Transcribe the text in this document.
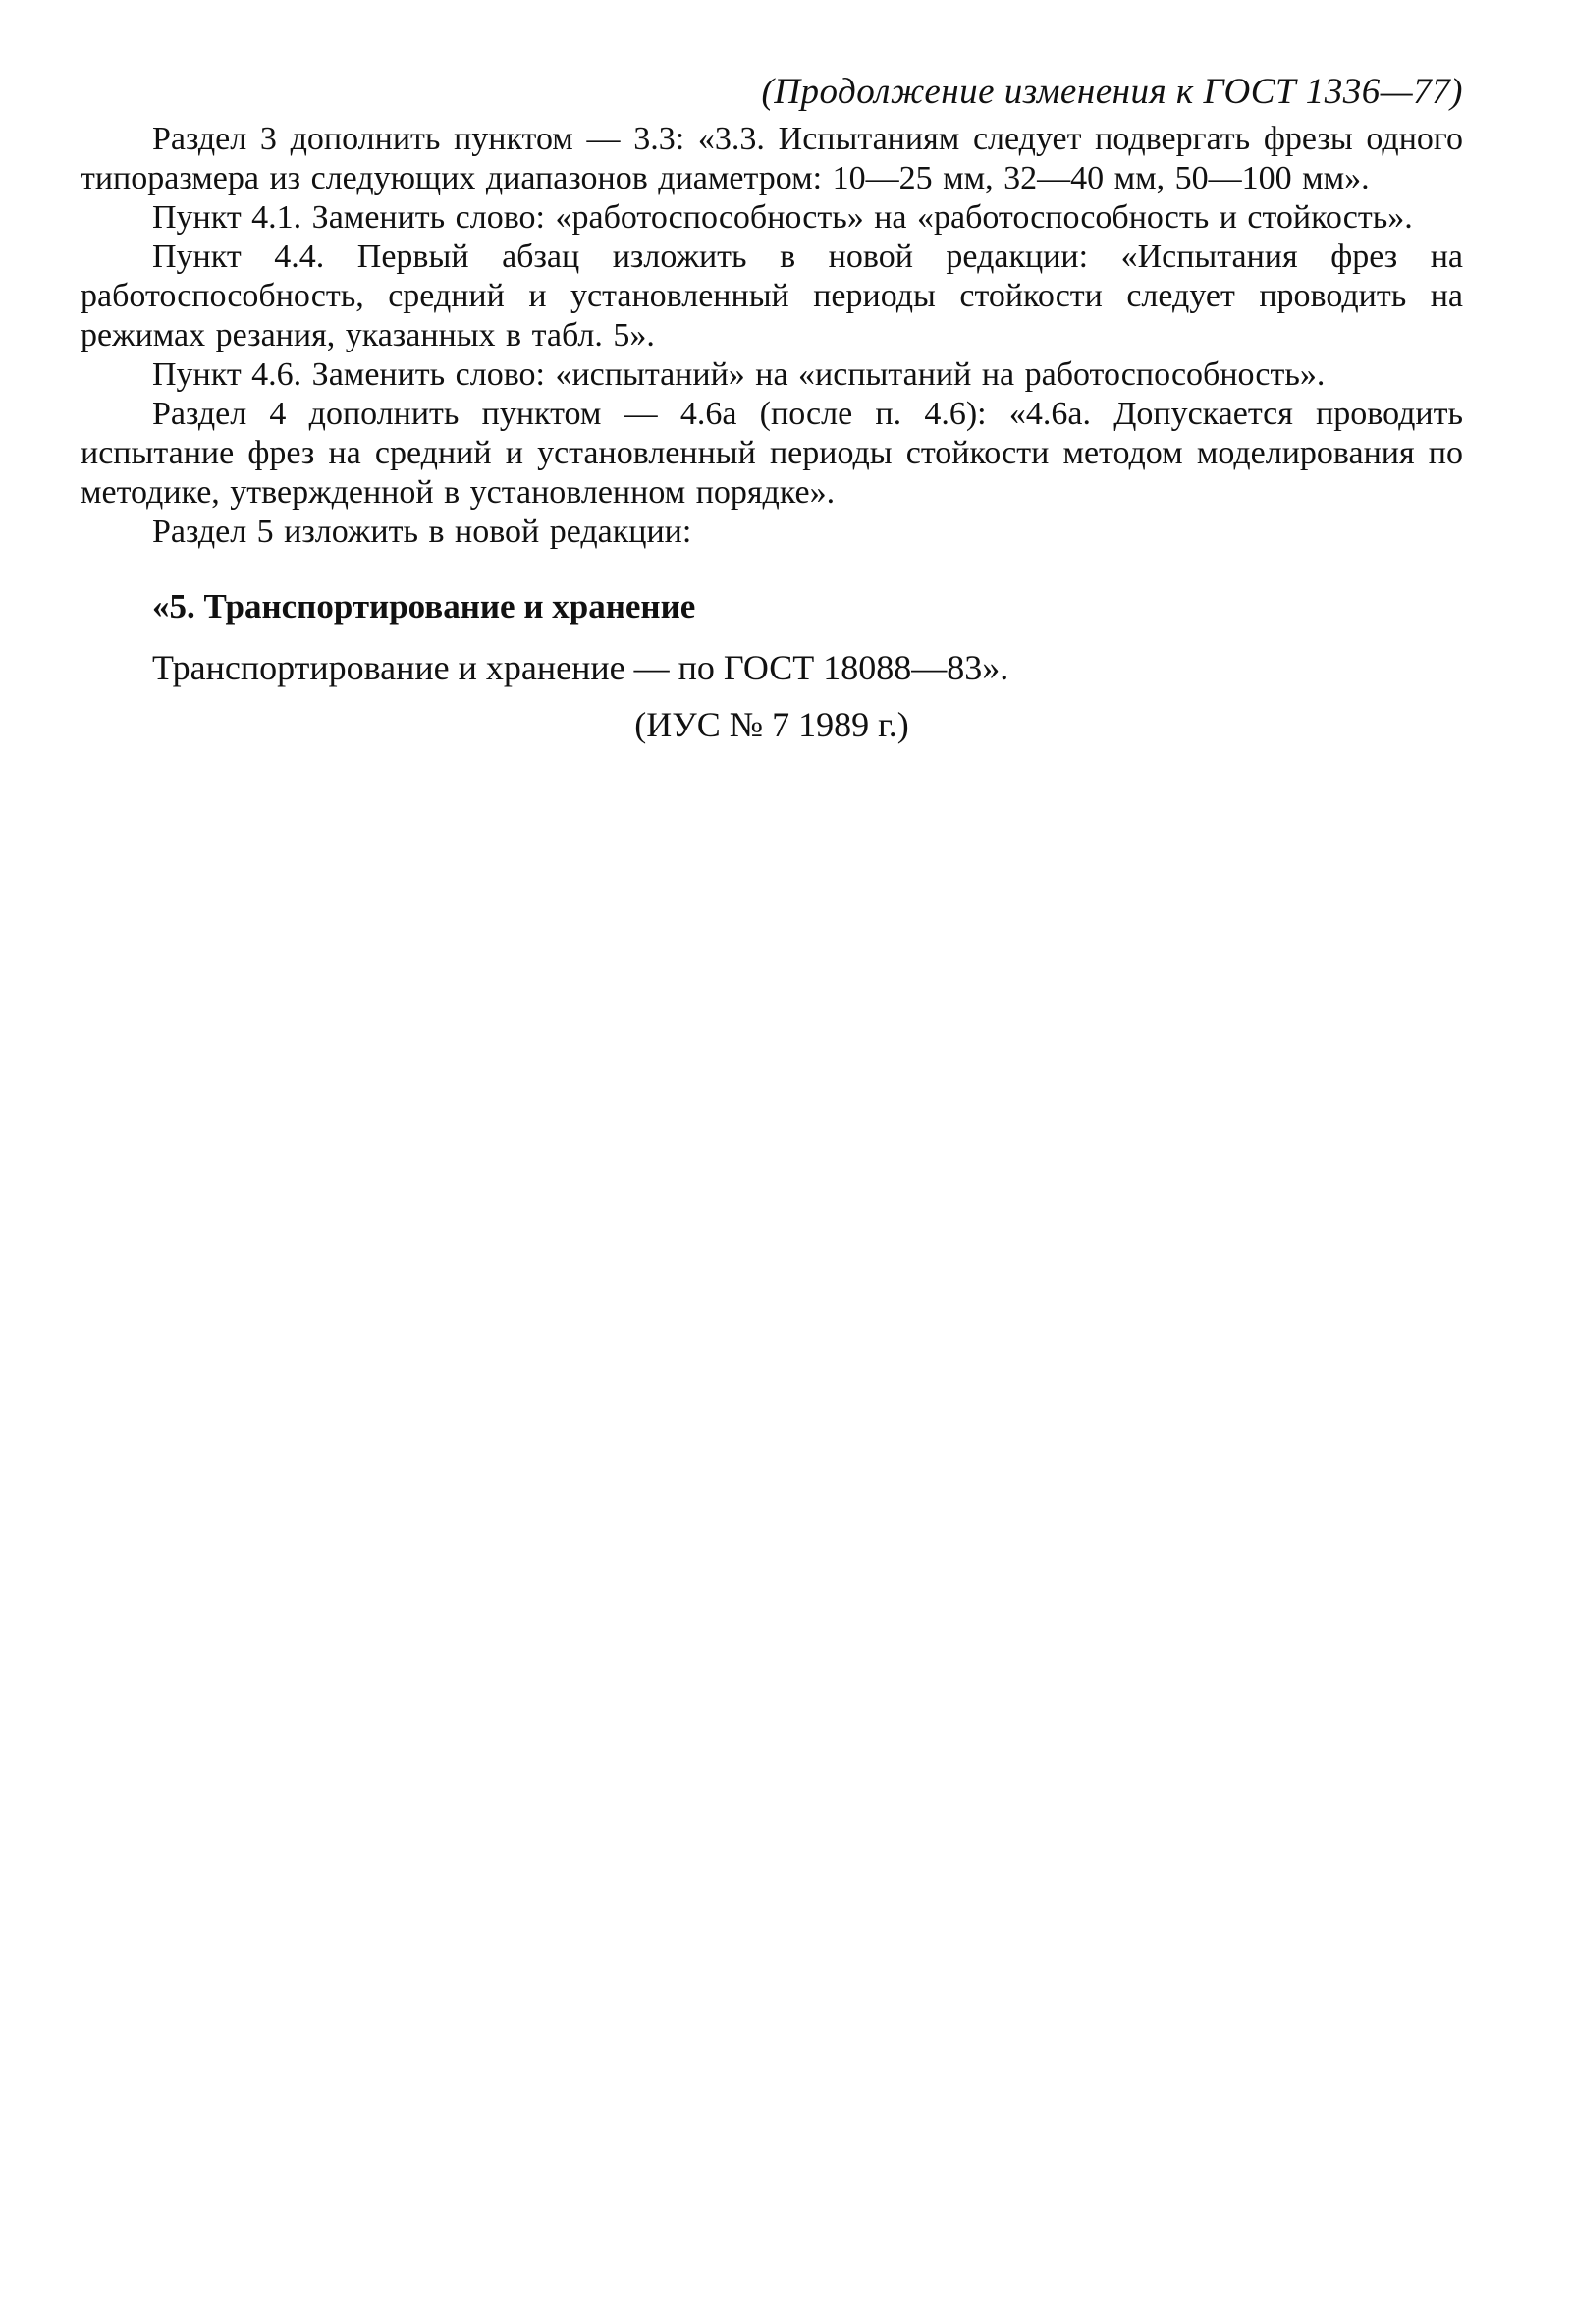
(Продолжение изменения к ГОСТ 1336—77)

Раздел 3 дополнить пунктом — 3.3: «3.3. Испытаниям следует подвергать фрезы одного типоразмера из следующих диапазонов диаметром: 10—25 мм, 32—40 мм, 50—100 мм».

Пункт 4.1. Заменить слово: «работоспособность» на «работоспособность и стойкость».

Пункт 4.4. Первый абзац изложить в новой редакции: «Испытания фрез на работоспособность, средний и установленный периоды стойкости следует проводить на режимах резания, указанных в табл. 5».

Пункт 4.6. Заменить слово: «испытаний» на «испытаний на работоспособность».

Раздел 4 дополнить пунктом — 4.6а (после п. 4.6): «4.6а. Допускается проводить испытание фрез на средний и установленный периоды стойкости методом моделирования по методике, утвержденной в установленном порядке».

Раздел 5 изложить в новой редакции:

«5. Транспортирование и хранение
Транспортирование и хранение — по ГОСТ 18088—83».
(ИУС № 7 1989 г.)
